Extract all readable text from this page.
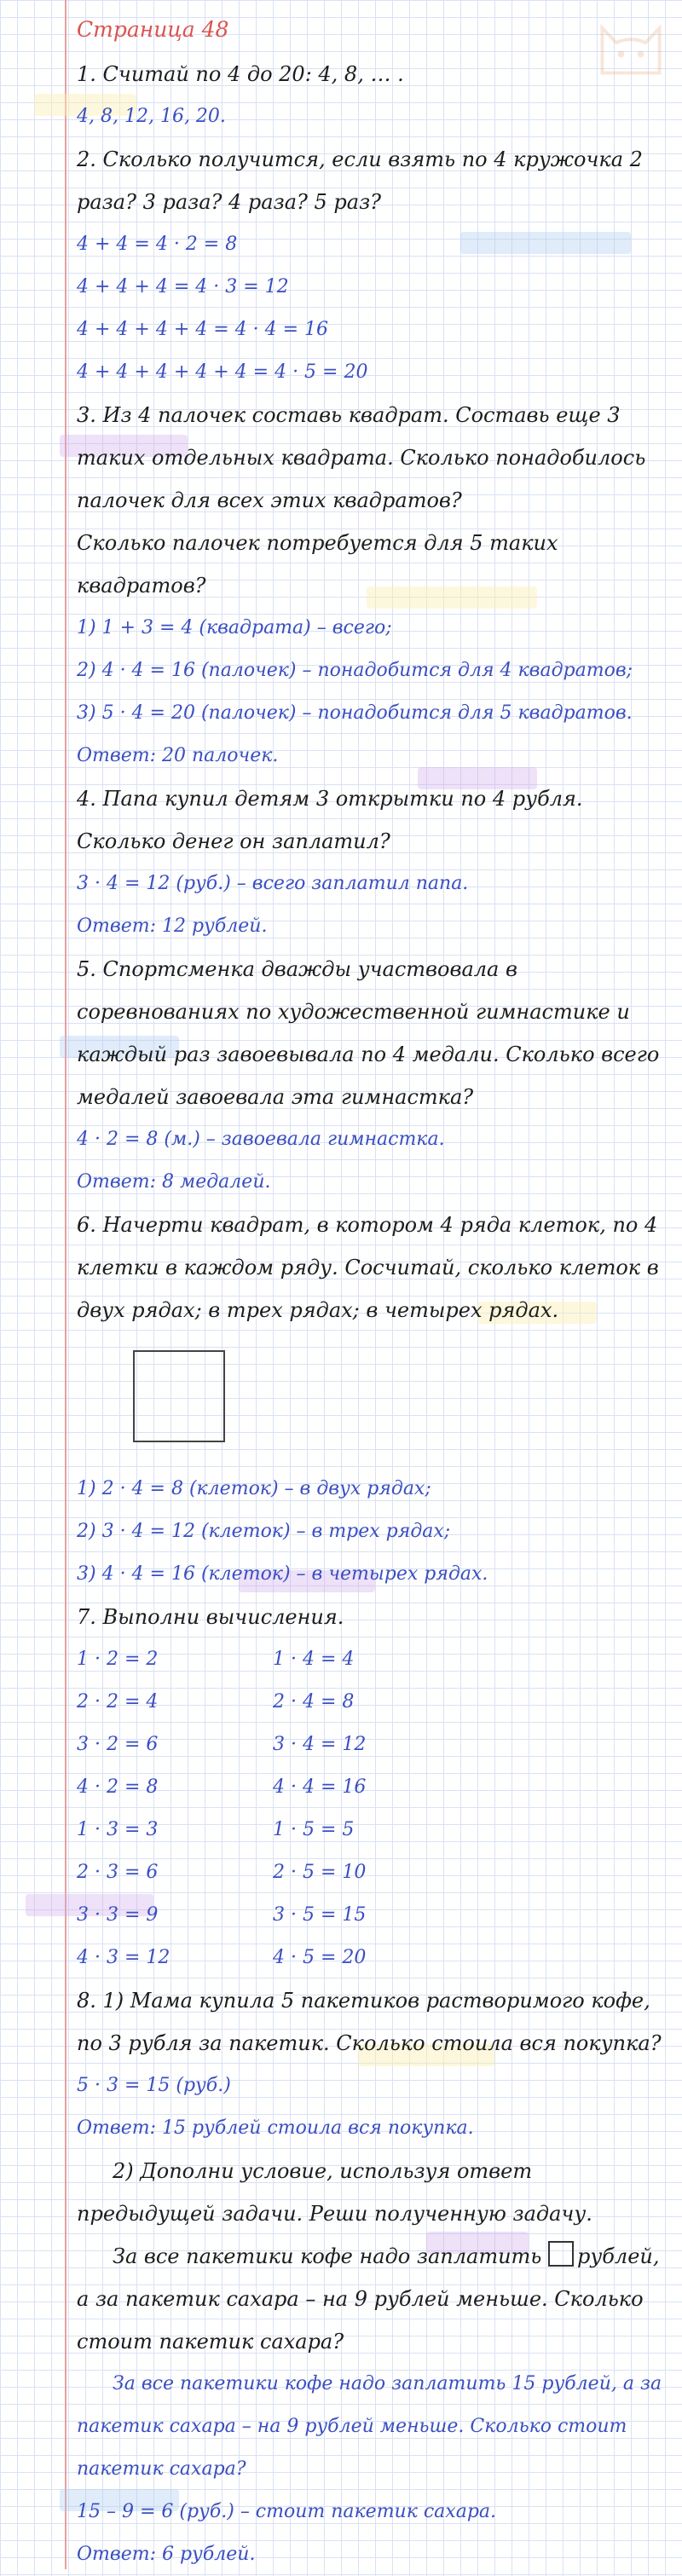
Страница 48
1. Считай по 4 до 20: 4, 8, … .
4, 8, 12, 16, 20.
2. Сколько получится, если взять по 4 кружочка 2 раза? 3 раза? 4 раза? 5 раз?
4 + 4 = 4 · 2 = 8
4 + 4 + 4 = 4 · 3 = 12
4 + 4 + 4 + 4 = 4 · 4 = 16
4 + 4 + 4 + 4 + 4 = 4 · 5 = 20
3. Из 4 палочек составь квадрат. Составь еще 3 таких отдельных квадрата. Сколько понадобилось палочек для всех этих квадратов?
Сколько палочек потребуется для 5 таких квадратов?
1) 1 + 3 = 4 (квадрата) – всего;
2) 4 · 4 = 16 (палочек) – понадобится для 4 квадратов;
3) 5 · 4 = 20 (палочек) – понадобится для 5 квадратов.
Ответ: 20 палочек.
4. Папа купил детям 3 открытки по 4 рубля. Сколько денег он заплатил?
3 · 4 = 12 (руб.) – всего заплатил папа.
Ответ: 12 рублей.
5. Спортсменка дважды участвовала в соревнованиях по художественной гимнастике и каждый раз завоевывала по 4 медали. Сколько всего медалей завоевала эта гимнастка?
4 · 2 = 8 (м.) – завоевала гимнастка.
Ответ: 8 медалей.
6. Начерти квадрат, в котором 4 ряда клеток, по 4 клетки в каждом ряду. Сосчитай, сколько клеток в двух рядах; в трех рядах; в четырех рядах.
1) 2 · 4 = 8 (клеток) – в двух рядах;
2) 3 · 4 = 12 (клеток) – в трех рядах;
3) 4 · 4 = 16 (клеток) – в четырех рядах.
7. Выполни вычисления.
1 · 2 = 2	1 · 4 = 4
2 · 2 = 4	2 · 4 = 8
3 · 2 = 6	3 · 4 = 12
4 · 2 = 8	4 · 4 = 16
1 · 3 = 3	1 · 5 = 5
2 · 3 = 6	2 · 5 = 10
3 · 3 = 9	3 · 5 = 15
4 · 3 = 12	4 · 5 = 20
8. 1) Мама купила 5 пакетиков растворимого кофе, по 3 рубля за пакетик. Сколько стоила вся покупка?
5 · 3 = 15 (руб.)
Ответ: 15 рублей стоила вся покупка.
2) Дополни условие, используя ответ предыдущей задачи. Реши полученную задачу.
За все пакетики кофе надо заплатить рублей, а за пакетик сахара – на 9 рублей меньше. Сколько стоит пакетик сахара?
За все пакетики кофе надо заплатить 15 рублей, а за пакетик сахара – на 9 рублей меньше. Сколько стоит пакетик сахара?
15 – 9 = 6 (руб.) – стоит пакетик сахара.
Ответ: 6 рублей.
